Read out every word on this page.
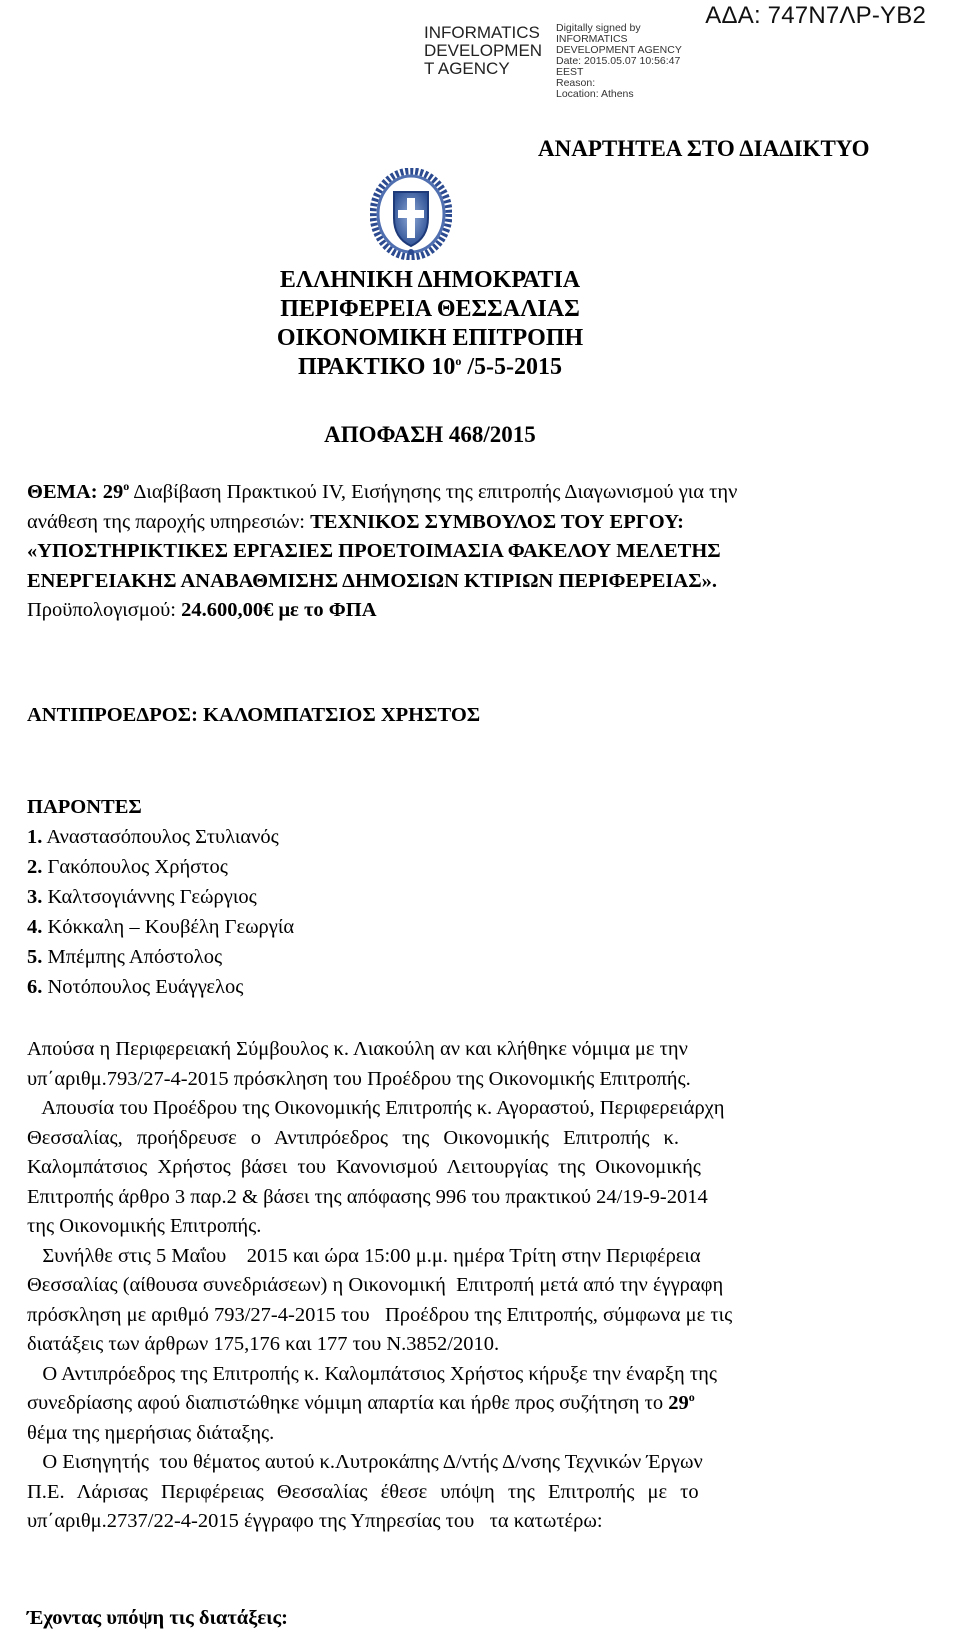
INFORMATICS
DEVELOPMEN
T AGENCY
Digitally signed by
INFORMATICS
DEVELOPMENT AGENCY
Date: 2015.05.07 10:56:47
EEST
Reason:
Location: Athens
ΑΔΑ: 747Ν7ΛΡ-ΥΒ2
ΑΝΑΡΤΗΤΕΑ ΣΤΟ ΔΙΑΔΙΚΤΥΟ
ΕΛΛΗΝΙΚΗ ΔΗΜΟΚΡΑΤΙΑ
ΠΕΡΙΦΕΡΕΙΑ ΘΕΣΣΑΛΙΑΣ
ΟΙΚΟΝΟΜΙΚΗ ΕΠΙΤΡΟΠΗ
ΠΡΑΚΤΙΚΟ $10^o$ /5-5-2015
ΑΠΟΦΑΣΗ 468/2015
ΘΕΜΑ: $29^o$ Διαβίβαση Πρακτικού IV, Εισήγησης της επιτροπής Διαγωνισμού για την
ανάθεση της παροχής υπηρεσιών: ΤΕΧΝΙΚΟΣ ΣΥΜΒΟΥΛΟΣ ΤΟΥ ΕΡΓΟΥ:
«ΥΠΟΣΤΗΡΙΚΤΙΚΕΣ ΕΡΓΑΣΙΕΣ ΠΡΟΕΤΟΙΜΑΣΙΑ ΦΑΚΕΛΟΥ ΜΕΛΕΤΗΣ
ΕΝΕΡΓΕΙΑΚΗΣ ΑΝΑΒΑΘΜΙΣΗΣ ΔΗΜΟΣΙΩΝ ΚΤΙΡΙΩΝ ΠΕΡΙΦΕΡΕΙΑΣ».
Προϋπολογισμού: 24.600,00€ με το ΦΠΑ
ΑΝΤΙΠΡΟΕΔΡΟΣ: ΚΑΛΟΜΠΑΤΣΙΟΣ ΧΡΗΣΤΟΣ
ΠΑΡΟΝΤΕΣ
1. Αναστασόπουλος Στυλιανός
2. Γακόπουλος Χρήστος
3. Καλτσογιάννης Γεώργιος
4. Κόκκαλη – Κουβέλη Γεωργία
5. Μπέμπης Απόστολος
6. Νοτόπουλος Ευάγγελος
Απούσα η Περιφερειακή Σύμβουλος κ. Λιακούλη αν και κλήθηκε νόμιμα με την
υπ΄αριθμ.793/27-4-2015 πρόσκληση του Προέδρου της Οικονομικής Επιτροπής.
Απουσία του Προέδρου της Οικονομικής Επιτροπής κ. Αγοραστού, Περιφερειάρχη
Θεσσαλίας, προήδρευσε ο Αντιπρόεδρος της Οικονομικής Επιτροπής κ.
Καλομπάτσιος Χρήστος βάσει του Κανονισμού Λειτουργίας της Οικονομικής
Επιτροπής άρθρο 3 παρ.2 & βάσει της απόφασης 996 του πρακτικού 24/19-9-2014
της Οικονομικής Επιτροπής.
Συνήλθε στις 5 Μαΐου    2015 και ώρα 15:00 μ.μ. ημέρα Τρίτη στην Περιφέρεια
Θεσσαλίας (αίθουσα συνεδριάσεων) η Οικονομική  Επιτροπή μετά από την έγγραφη
πρόσκληση με αριθμό 793/27-4-2015 του   Προέδρου της Επιτροπής, σύμφωνα με τις
διατάξεις των άρθρων 175,176 και 177 του Ν.3852/2010.
Ο Αντιπρόεδρος της Επιτροπής κ. Καλομπάτσιος Χρήστος κήρυξε την έναρξη της
συνεδρίασης αφού διαπιστώθηκε νόμιμη απαρτία και ήρθε προς συζήτηση το $29^o$
θέμα της ημερήσιας διάταξης.
Ο Εισηγητής  του θέματος αυτού κ.Λυτροκάπης Δ/ντής Δ/νσης Τεχνικών Έργων
Π.Ε. Λάρισας Περιφέρειας Θεσσαλίας έθεσε υπόψη της Επιτροπής με το
υπ΄αριθμ.2737/22-4-2015 έγγραφο της Υπηρεσίας του   τα κατωτέρω:
Έχοντας υπόψη τις διατάξεις:
